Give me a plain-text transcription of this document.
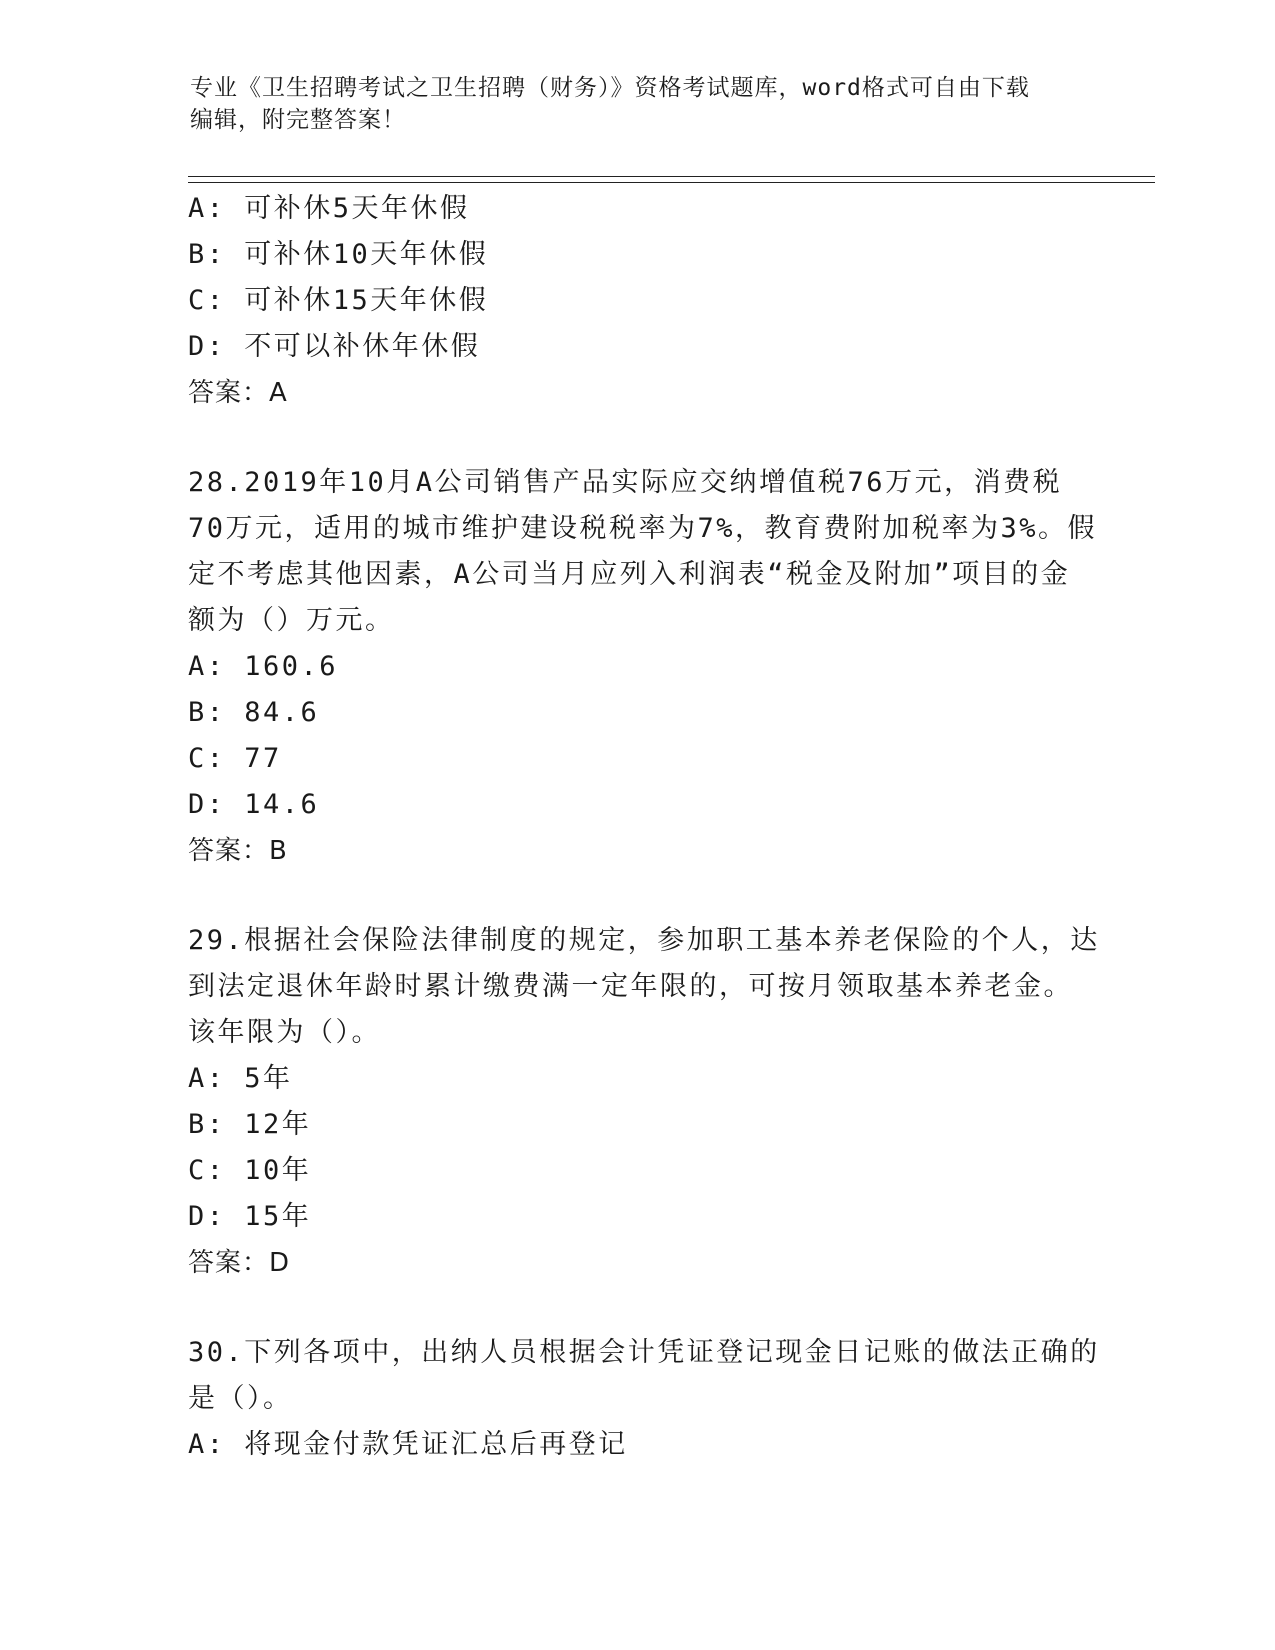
专业《卫生招聘考试之卫生招聘（财务）》资格考试题库，word格式可自由下载
编辑，附完整答案！
A: 可补休5天年休假
B: 可补休10天年休假
C: 可补休15天年休假
D: 不可以补休年休假
答案：A
28.2019年10月A公司销售产品实际应交纳增值税76万元，消费税
70万元，适用的城市维护建设税税率为7%，教育费附加税率为3%。假
定不考虑其他因素，A公司当月应列入利润表“税金及附加”项目的金
额为（）万元。
A: 160.6
B: 84.6
C: 77
D: 14.6
答案：B
29.根据社会保险法律制度的规定，参加职工基本养老保险的个人，达
到法定退休年龄时累计缴费满一定年限的，可按月领取基本养老金。
该年限为（）。
A: 5年
B: 12年
C: 10年
D: 15年
答案：D
30.下列各项中，出纳人员根据会计凭证登记现金日记账的做法正确的
是（）。
A: 将现金付款凭证汇总后再登记
